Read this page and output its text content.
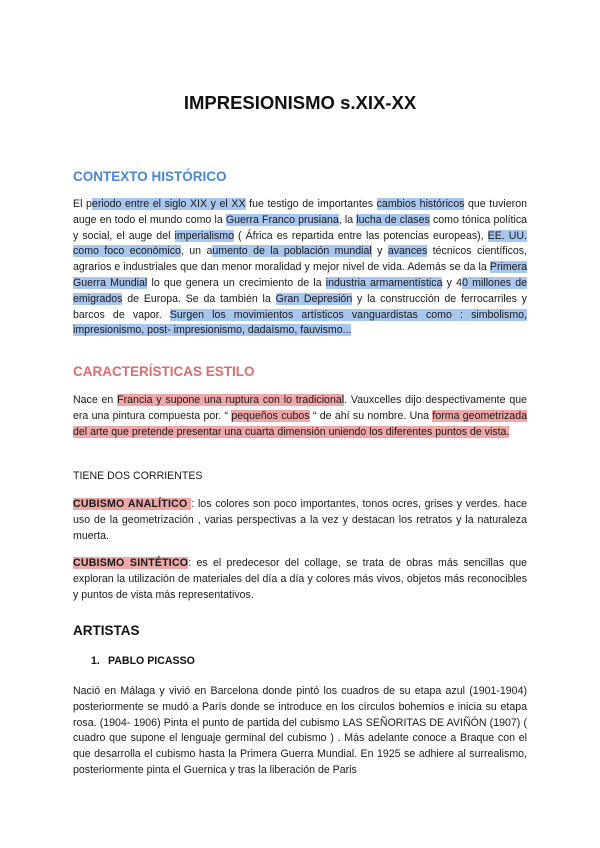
IMPRESIONISMO s.XIX-XX
CONTEXTO HISTÓRICO
El periodo entre el siglo XIX y el XX fue testigo de importantes cambios históricos que tuvieron auge en todo el mundo como la Guerra Franco prusiana, la lucha de clases como tónica política y social, el auge del imperialismo ( África es repartida entre las potencias europeas), EE. UU. como foco económico, un aumento de la población mundial y avances técnicos científicos, agrarios e industriales que dan menor moralidad y mejor nivel de vida. Además se da la Primera Guerra Mundial lo que genera un crecimiento de la industria armamentística y 40 millones de emigrados de Europa. Se da también la Gran Depresión y la construcción de ferrocarriles y barcos de vapor. Surgen los movimientos artísticos vanguardistas como : simbolismo, impresionismo, post- impresionismo, dadaísmo, fauvismo...
CARACTERÍSTICAS ESTILO
Nace en Francia y supone una ruptura con lo tradicional. Vauxcelles dijo despectivamente que era una pintura compuesta por. “ pequeños cubos “ de ahí su nombre. Una forma geometrizada del arte que pretende presentar una cuarta dimensión uniendo los diferentes puntos de vista.
TIENE DOS CORRIENTES
CUBISMO ANALÍTICO : los colores son poco importantes, tonos ocres, grises y verdes. hace uso de la geometrización , varias perspectivas a la vez y destacan los retratos y la naturaleza muerta.
CUBISMO SINTÉTICO: es el predecesor del collage, se trata de obras más sencillas que exploran la utilización de materiales del día a día y colores más vivos, objetos más reconocibles y puntos de vista más representativos.
ARTISTAS
1. PABLO PICASSO
Nació en Málaga y vivió en Barcelona donde pintó los cuadros de su etapa azul (1901-1904) posteriormente se mudó a París donde se introduce en los círculos bohemios e inicia su etapa rosa. (1904- 1906) Pinta el punto de partida del cubismo LAS SEÑORITAS DE AVIÑÓN (1907) ( cuadro que supone el lenguaje germinal del cubismo ) . Más adelante conoce a Braque con el que desarrolla el cubismo hasta la Primera Guerra Mundial. En 1925 se adhiere al surrealismo, posteriormente pinta el Guernica y tras la liberación de Paris
